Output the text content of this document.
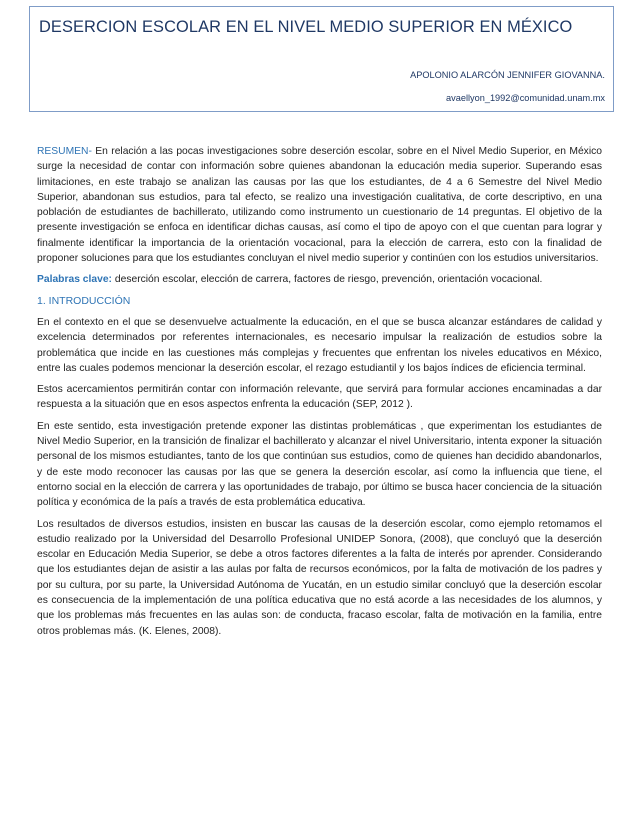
DESERCION ESCOLAR EN EL NIVEL MEDIO SUPERIOR EN MÉXICO
APOLONIO ALARCÓN JENNIFER GIOVANNA.
avaellyon_1992@comunidad.unam.mx

RESUMEN- En relación a las pocas investigaciones sobre deserción escolar, sobre en el Nivel Medio Superior, en México surge la necesidad de contar con información sobre quienes abandonan la educación media superior. Superando esas limitaciones, en este trabajo se analizan las causas por las que los estudiantes, de 4 a 6 Semestre del Nivel Medio Superior, abandonan sus estudios, para tal efecto, se realizo una investigación cualitativa, de corte descriptivo, en una población de estudiantes de bachillerato, utilizando como instrumento un cuestionario de 14 preguntas. El objetivo de la presente investigación se enfoca en identificar dichas causas, así como el tipo de apoyo con el que cuentan para lograr y finalmente identificar la importancia de la orientación vocacional, para la elección de carrera, esto con la finalidad de proponer soluciones para que los estudiantes concluyan el nivel medio superior y continúen con los estudios universitarios.

Palabras clave: deserción escolar, elección de carrera, factores de riesgo, prevención, orientación vocacional.

1. INTRODUCCIÓN

En el contexto en el que se desenvuelve actualmente la educación, en el que se busca alcanzar estándares de calidad y excelencia determinados por referentes internacionales, es necesario impulsar la realización de estudios sobre la problemática que incide en las cuestiones más complejas y frecuentes que enfrentan los niveles educativos en México, entre las cuales podemos mencionar la deserción escolar, el rezago estudiantil y los bajos índices de eficiencia terminal.

Estos acercamientos permitirán contar con información relevante, que servirá para formular acciones encaminadas a dar respuesta a la situación que en esos aspectos enfrenta la educación (SEP, 2012 ).

En este sentido, esta investigación pretende exponer las distintas problemáticas , que experimentan los estudiantes de Nivel Medio Superior, en la transición de finalizar el bachillerato y alcanzar el nivel Universitario, intenta exponer la situación personal de los mismos estudiantes, tanto de los que continúan sus estudios, como de quienes han decidido abandonarlos, y de este modo reconocer las causas por las que se genera la deserción escolar, así como la influencia que tiene, el entorno social en la elección de carrera y las oportunidades de trabajo, por último se busca hacer conciencia de la situación política y económica de la país a través de esta problemática educativa.

Los resultados de diversos estudios, insisten en buscar las causas de la deserción escolar, como ejemplo retomamos el estudio realizado por la Universidad del Desarrollo Profesional UNIDEP Sonora, (2008), que concluyó que la deserción escolar en Educación Media Superior, se debe a otros factores diferentes a la falta de interés por aprender. Considerando que los estudiantes dejan de asistir a las aulas por falta de recursos económicos, por la falta de motivación de los padres y por su cultura, por su parte, la Universidad Autónoma de Yucatán, en un estudio similar concluyó que la deserción escolar es consecuencia de la implementación de una política educativa que no está acorde a las necesidades de los alumnos, y que los problemas más frecuentes en las aulas son: de conducta, fracaso escolar, falta de motivación en la familia, entre otros problemas más. (K. Elenes, 2008).
